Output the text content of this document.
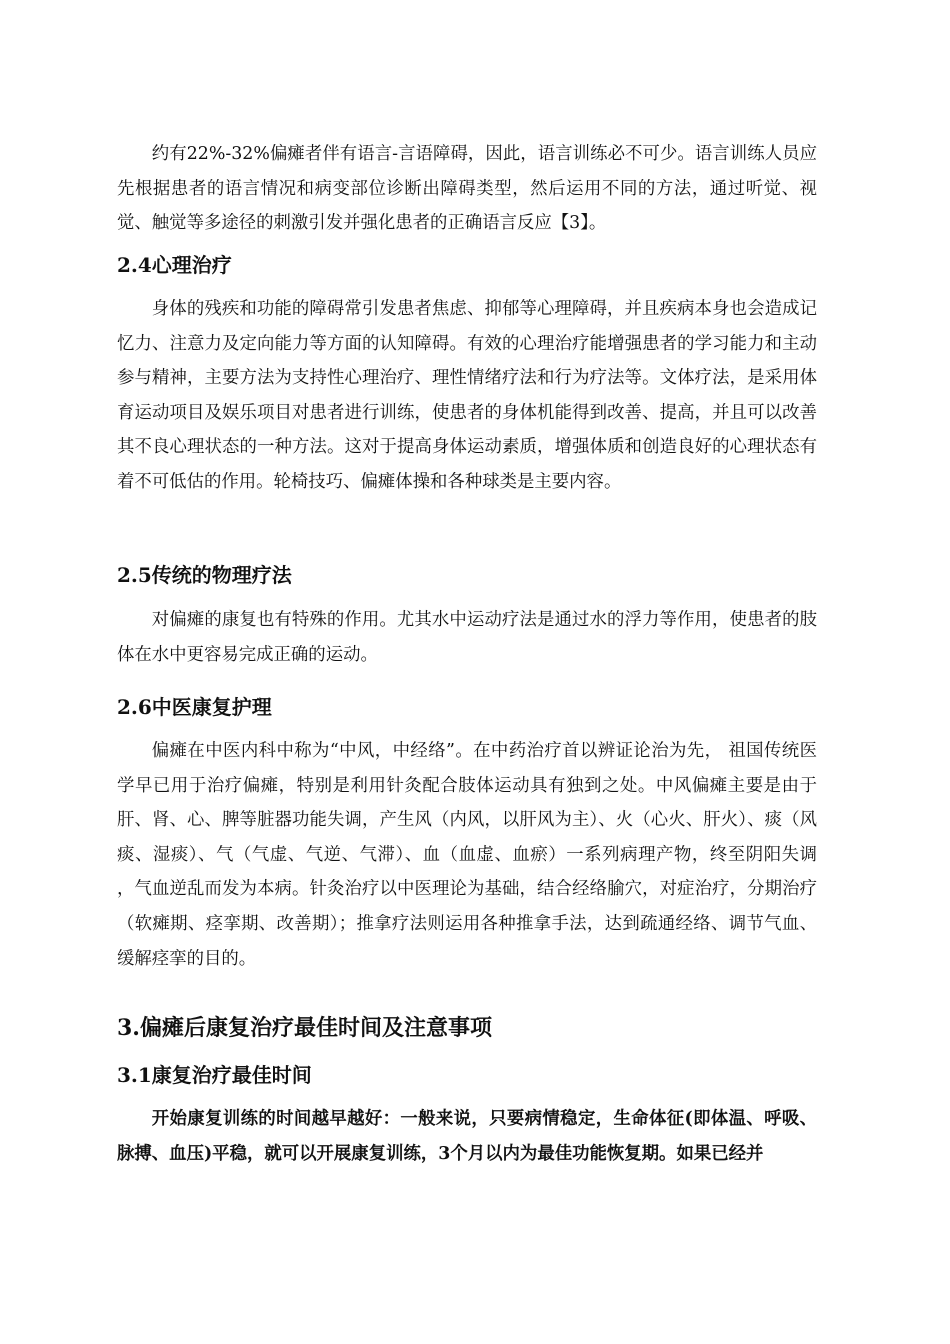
约有22%-32%偏瘫者伴有语言-言语障碍，因此，语言训练必不可少。语言训练人员应先根据患者的语言情况和病变部位诊断出障碍类型，然后运用不同的方法，通过听觉、视觉、触觉等多途径的刺激引发并强化患者的正确语言反应【3】。

2.4心理治疗

身体的残疾和功能的障碍常引发患者焦虑、抑郁等心理障碍，并且疾病本身也会造成记忆力、注意力及定向能力等方面的认知障碍。有效的心理治疗能增强患者的学习能力和主动参与精神，主要方法为支持性心理治疗、理性情绪疗法和行为疗法等。文体疗法，是采用体育运动项目及娱乐项目对患者进行训练，使患者的身体机能得到改善、提高，并且可以改善其不良心理状态的一种方法。这对于提高身体运动素质，增强体质和创造良好的心理状态有着不可低估的作用。轮椅技巧、偏瘫体操和各种球类是主要内容。

2.5传统的物理疗法

对偏瘫的康复也有特殊的作用。尤其水中运动疗法是通过水的浮力等作用，使患者的肢体在水中更容易完成正确的运动。

2.6中医康复护理

偏瘫在中医内科中称为“中风，中经络”。在中药治疗首以辨证论治为先， 祖国传统医学早已用于治疗偏瘫，特别是利用针灸配合肢体运动具有独到之处。中风偏瘫主要是由于肝、肾、心、脾等脏器功能失调，产生风（内风，以肝风为主）、火（心火、肝火）、痰（风痰、湿痰）、气（气虚、气逆、气滞）、血（血虚、血瘀）一系列病理产物，终至阴阳失调 ，气血逆乱而发为本病。针灸治疗以中医理论为基础，结合经络腧穴，对症治疗，分期治疗（软瘫期、痉挛期、改善期）；推拿疗法则运用各种推拿手法，达到疏通经络、调节气血、缓解痉挛的目的。

3.偏瘫后康复治疗最佳时间及注意事项
3.1康复治疗最佳时间

开始康复训练的时间越早越好：一般来说，只要病情稳定，生命体征(即体温、呼吸、脉搏、血压)平稳，就可以开展康复训练，3个月以内为最佳功能恢复期。如果已经并
